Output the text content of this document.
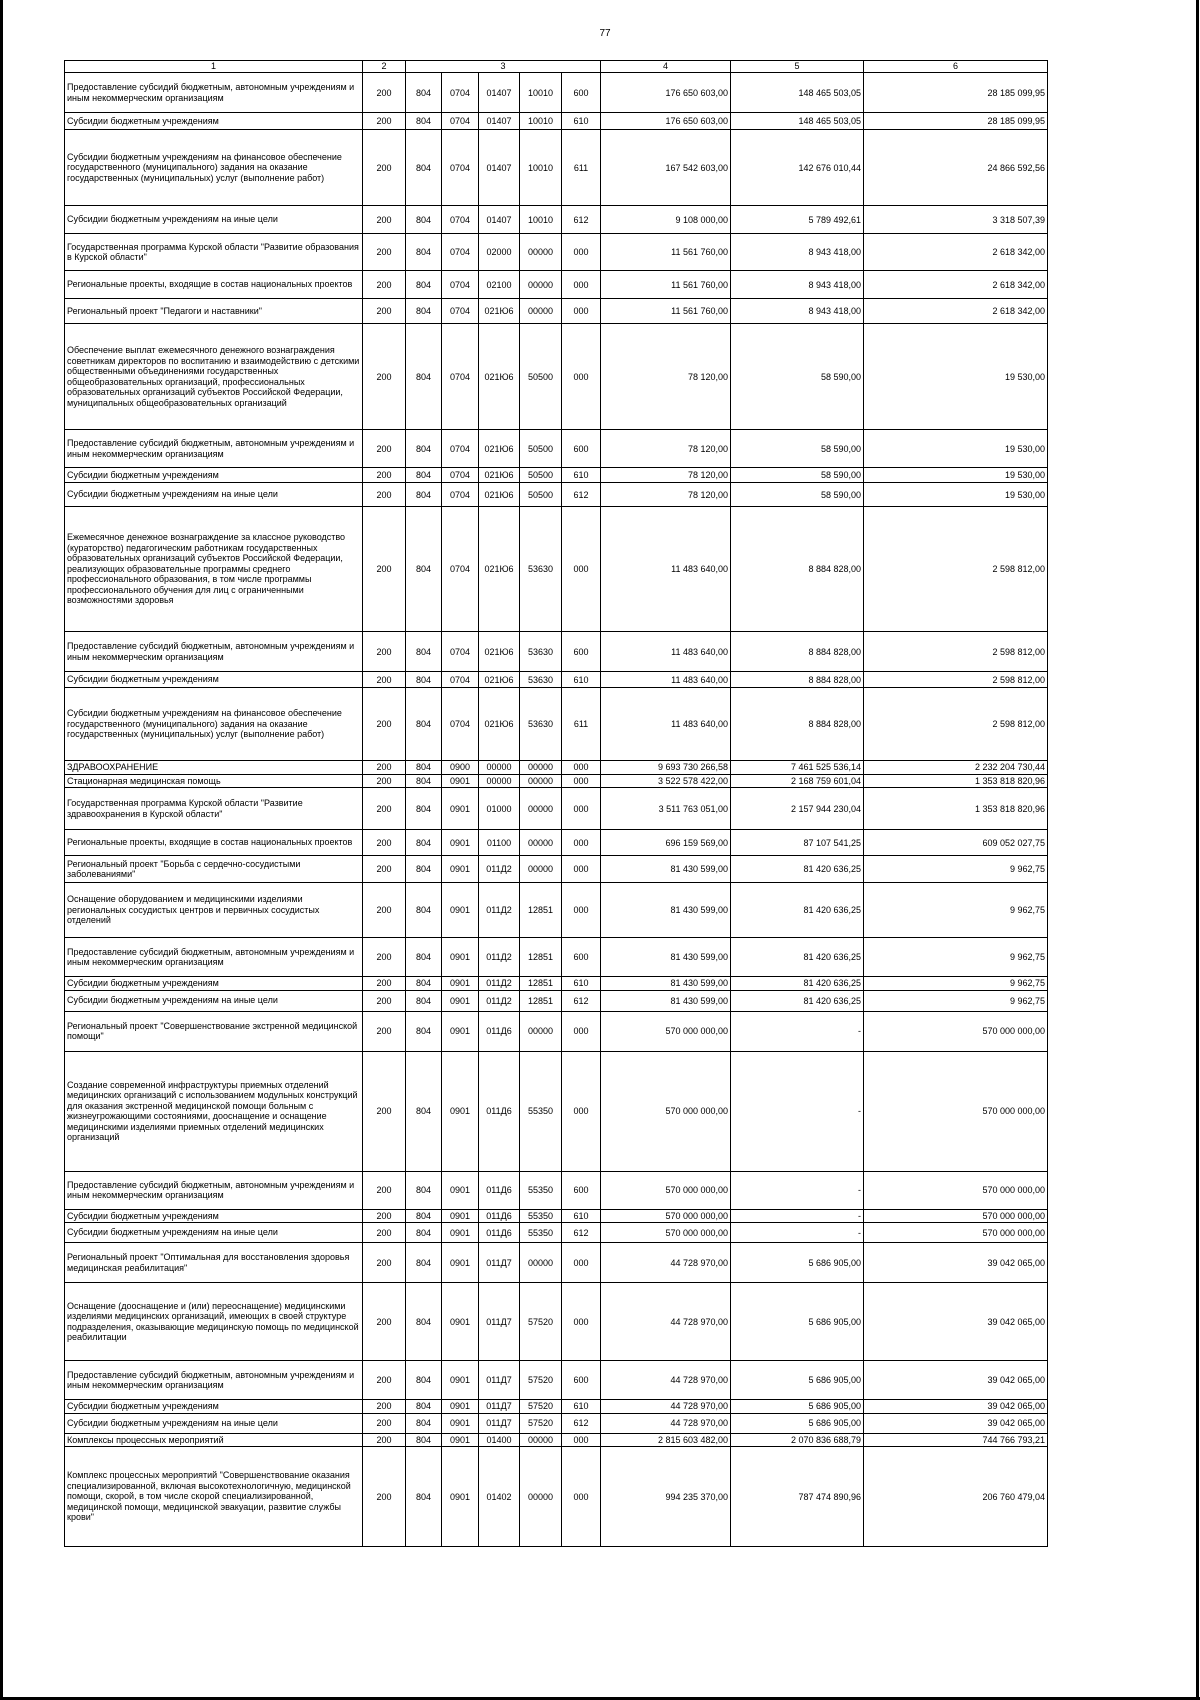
77
1	2	3					4	5	6
Предоставление субсидий бюджетным, автономным учреждениям и иным некоммерческим организациям	200	804	0704	01407	10010	600	176 650 603,00	148 465 503,05	28 185 099,95
Субсидии бюджетным учреждениям	200	804	0704	01407	10010	610	176 650 603,00	148 465 503,05	28 185 099,95
Субсидии бюджетным учреждениям на финансовое обеспечение государственного (муниципального) задания на оказание государственных (муниципальных) услуг (выполнение работ)	200	804	0704	01407	10010	611	167 542 603,00	142 676 010,44	24 866 592,56
Субсидии бюджетным учреждениям на иные цели	200	804	0704	01407	10010	612	9 108 000,00	5 789 492,61	3 318 507,39
Государственная программа Курской области "Развитие образования в Курской области"	200	804	0704	02000	00000	000	11 561 760,00	8 943 418,00	2 618 342,00
Региональные проекты, входящие в состав национальных проектов	200	804	0704	02100	00000	000	11 561 760,00	8 943 418,00	2 618 342,00
Региональный проект "Педагоги и наставники"	200	804	0704	021Ю6	00000	000	11 561 760,00	8 943 418,00	2 618 342,00
Обеспечение выплат ежемесячного денежного вознаграждения советникам директоров по воспитанию и взаимодействию с детскими общественными объединениями государственных общеобразовательных организаций, профессиональных образовательных организаций субъектов Российской Федерации, муниципальных общеобразовательных организаций	200	804	0704	021Ю6	50500	000	78 120,00	58 590,00	19 530,00
Предоставление субсидий бюджетным, автономным учреждениям и иным некоммерческим организациям	200	804	0704	021Ю6	50500	600	78 120,00	58 590,00	19 530,00
Субсидии бюджетным учреждениям	200	804	0704	021Ю6	50500	610	78 120,00	58 590,00	19 530,00
Субсидии бюджетным учреждениям на иные цели	200	804	0704	021Ю6	50500	612	78 120,00	58 590,00	19 530,00
Ежемесячное денежное вознаграждение за классное руководство (кураторство) педагогическим работникам государственных образовательных организаций субъектов Российской Федерации, реализующих образовательные программы среднего профессионального образования, в том числе программы профессионального обучения для лиц с ограниченными возможностями здоровья	200	804	0704	021Ю6	53630	000	11 483 640,00	8 884 828,00	2 598 812,00
Предоставление субсидий бюджетным, автономным учреждениям и иным некоммерческим организациям	200	804	0704	021Ю6	53630	600	11 483 640,00	8 884 828,00	2 598 812,00
Субсидии бюджетным учреждениям	200	804	0704	021Ю6	53630	610	11 483 640,00	8 884 828,00	2 598 812,00
Субсидии бюджетным учреждениям на финансовое обеспечение государственного (муниципального) задания на оказание государственных (муниципальных) услуг (выполнение работ)	200	804	0704	021Ю6	53630	611	11 483 640,00	8 884 828,00	2 598 812,00
ЗДРАВООХРАНЕНИЕ	200	804	0900	00000	00000	000	9 693 730 266,58	7 461 525 536,14	2 232 204 730,44
Стационарная медицинская помощь	200	804	0901	00000	00000	000	3 522 578 422,00	2 168 759 601,04	1 353 818 820,96
Государственная программа Курской области "Развитие здравоохранения в Курской области"	200	804	0901	01000	00000	000	3 511 763 051,00	2 157 944 230,04	1 353 818 820,96
Региональные проекты, входящие в состав национальных проектов	200	804	0901	01100	00000	000	696 159 569,00	87 107 541,25	609 052 027,75
Региональный проект "Борьба с сердечно-сосудистыми заболеваниями"	200	804	0901	011Д2	00000	000	81 430 599,00	81 420 636,25	9 962,75
Оснащение оборудованием и медицинскими изделиями региональных сосудистых центров и первичных сосудистых отделений	200	804	0901	011Д2	12851	000	81 430 599,00	81 420 636,25	9 962,75
Предоставление субсидий бюджетным, автономным учреждениям и иным некоммерческим организациям	200	804	0901	011Д2	12851	600	81 430 599,00	81 420 636,25	9 962,75
Субсидии бюджетным учреждениям	200	804	0901	011Д2	12851	610	81 430 599,00	81 420 636,25	9 962,75
Субсидии бюджетным учреждениям на иные цели	200	804	0901	011Д2	12851	612	81 430 599,00	81 420 636,25	9 962,75
Региональный проект "Совершенствование экстренной медицинской помощи"	200	804	0901	011Д6	00000	000	570 000 000,00	-	570 000 000,00
Создание современной инфраструктуры приемных отделений медицинских организаций с использованием модульных конструкций для оказания экстренной медицинской помощи больным с жизнеугрожающими состояниями, дооснащение и оснащение медицинскими изделиями приемных отделений медицинских организаций	200	804	0901	011Д6	55350	000	570 000 000,00	-	570 000 000,00
Предоставление субсидий бюджетным, автономным учреждениям и иным некоммерческим организациям	200	804	0901	011Д6	55350	600	570 000 000,00	-	570 000 000,00
Субсидии бюджетным учреждениям	200	804	0901	011Д6	55350	610	570 000 000,00	-	570 000 000,00
Субсидии бюджетным учреждениям на иные цели	200	804	0901	011Д6	55350	612	570 000 000,00	-	570 000 000,00
Региональный проект "Оптимальная для восстановления здоровья медицинская реабилитация"	200	804	0901	011Д7	00000	000	44 728 970,00	5 686 905,00	39 042 065,00
Оснащение (дооснащение и (или) переоснащение) медицинскими изделиями медицинских организаций, имеющих в своей структуре подразделения, оказывающие медицинскую помощь по медицинской реабилитации	200	804	0901	011Д7	57520	000	44 728 970,00	5 686 905,00	39 042 065,00
Предоставление субсидий бюджетным, автономным учреждениям и иным некоммерческим организациям	200	804	0901	011Д7	57520	600	44 728 970,00	5 686 905,00	39 042 065,00
Субсидии бюджетным учреждениям	200	804	0901	011Д7	57520	610	44 728 970,00	5 686 905,00	39 042 065,00
Субсидии бюджетным учреждениям на иные цели	200	804	0901	011Д7	57520	612	44 728 970,00	5 686 905,00	39 042 065,00
Комплексы процессных мероприятий	200	804	0901	01400	00000	000	2 815 603 482,00	2 070 836 688,79	744 766 793,21
Комплекс процессных мероприятий "Совершенствование оказания специализированной, включая высокотехнологичную, медицинской помощи, скорой, в том числе скорой специализированной, медицинской помощи, медицинской эвакуации, развитие службы крови"	200	804	0901	01402	00000	000	994 235 370,00	787 474 890,96	206 760 479,04
